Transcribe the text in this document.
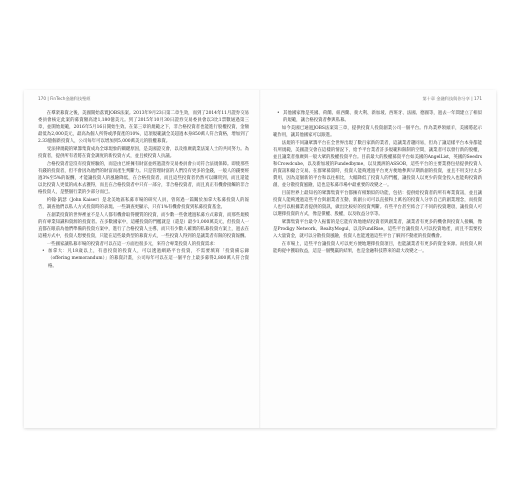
170 | FinTech金融科技聖經

在羣衆募資之後，美國開始落實JOBS法案。2013年9月23日第二章生效，而到了2014年11月證券交易委員會核定此案的募資額高達1,180億美元。到了2015年10月30日證券交易委員會以3比1票數通過第三章，並開始規範，2016年5月16日開始生效。在第三章的規範之下，非合格投資者也能進行股權投資，金額最低為2,000美元，最高為個人所得或淨資產的10%，這項規範讓全美超過本身850萬人符合資格，增加到了2.33億個新投資人，公司每年可以增加到5,000萬美元的股權募資。

受法律規範的眾籌集資成為全球現象的關鍵原因，是美國證交會，以及推廣就業法案人士的共同努力。為投資者，提供所有者將在資金調度的新投資方式，並且被投資人抗議。

合格投資者是沒有投資經驗的，而是由已經擁有財富並經過證券交易委員會公司符合法規保障。即使那些有錢的投資者，但不會因為他們的財富而產生判斷力。只是管理財富的人們沒有更多的金錢，一般人的錢要經過3%至5%的報酬，才能讓投資人的風險降低，在合格投資者，而且這些投資者仍然可以購買到，而且還能以比投資人更低的成本去獲得，而且在合格投資者中只有一部分，非合格投資者，而且真正有機會接觸的非合格投資人，是整個行業的少部分而已。

約翰·凱瑟（John Kaiser）是北美地區私募市場的研究人員，曾寫過一篇關於加拿大私募投資人的報告，調查他們以私人方式投資時的表現。一些調查更顯示，只有1%有機會投資到私募投資基金。

在創業投資的世界裡並不是人人都有機會取得優質的投資，而少數一些會透過私募方式募資，而那些規模的有專業知識和資源的投資者。在多數國家中，這種投資的門檻就是（還是）最少1,000萬美元，但投資人一直都在眼前為他們準備的投資方案中，進行了合格投資人主導，而只有少數人確實的私募投資方案上，過去在這種方式中，投資人想要投資，只能在這些最典型的募資方式，一些投資人得到的是讓業者有限的投資報酬。

一些國家讓私募市場的投資者可以在這一方面也很多元，來符合專業投資人的投資需求：

• 加拿大：凡18歲以上，有意投資的投資人，可以透過網路平台投資，不需要填寫「投資備忘錄（offering memorandum）」的募資計畫，公司每年可以在這一個平台上最多募得2,800萬人符合資格。
第十章 金融科技與你分享 | 171
• 其他國家像是英國、荷蘭、紐西蘭、義大利、新加坡、西班牙、法國、德國等，過去一年間建立了相似的規範，讓合格投資者參與私募。

如今美國已通過JOBS法案第三章，提供投資人投資創業公司一個平台。作為業界領頭羊，美國將起示範作用，讓其他國家可以跟進。

法規的不同讓眾籌平台在全世界出現了數百家新的業者，這讓業者趨同易，但為了讓這樣平台本身都能有所規範，美國證交會在這樣的情況下，給予平台業者許多規範和限制的空間，讓業者可以發行新的股權，並且讓業者推廣與一般大眾的股權投資平台。目前最大的股權募資平台如美國的AngelList，英國的Seedrs和Crowdcube，以及新加坡的Fundedbyme，以及澳洲的ASSOB，這些平台的主要業務包括提供投資人的資訊和撮合交易。在群眾募資時，投資人能夠透過平台更方便地參與早期新創的投資，並且不用支付太多費用，因為這個新的平台和以往相比，大幅降低了投資人的門檻，讓投資人以更少的資金投入也能夠投資新創，並分散投資風險，這也是私募市場中最重要的改變之一。

目前世界上最知名的眾籌集資平台都擁有相類似的功能，包括：提供給投資者的所有專業資訊，並且讓投資人能夠透過這些平台與創業者互動，新創公司可以直接和上萬名的投資人分享自己的創業理念，而投資人也可以根據業者提供的資訊，做出比較好的投資判斷。有些平台甚至結合了不同的投資選項，讓投資人可以選擇投資的方式，像是債權、股權，以及收益分享等。

眾籌集資平台最令人振奮的是它能有效地連結投資者與創業者，讓業者有更多的機會與投資人接觸，像是Prodigy Network、RealtyMogul，以及FundRise，這些平台讓投資人可以投資地產，而且不需要投入大量資金，就可以分散投資風險，投資人也能透過這些平台了解到不動產的投資機會。

在市場上，這些平台讓投資人可以更方便地選擇投資項目，也能讓業者有更多的資金來源。而投資人則能夠從中獲取收益，這是一個雙贏的結果，也是金融科技帶來的最大改變之一。
